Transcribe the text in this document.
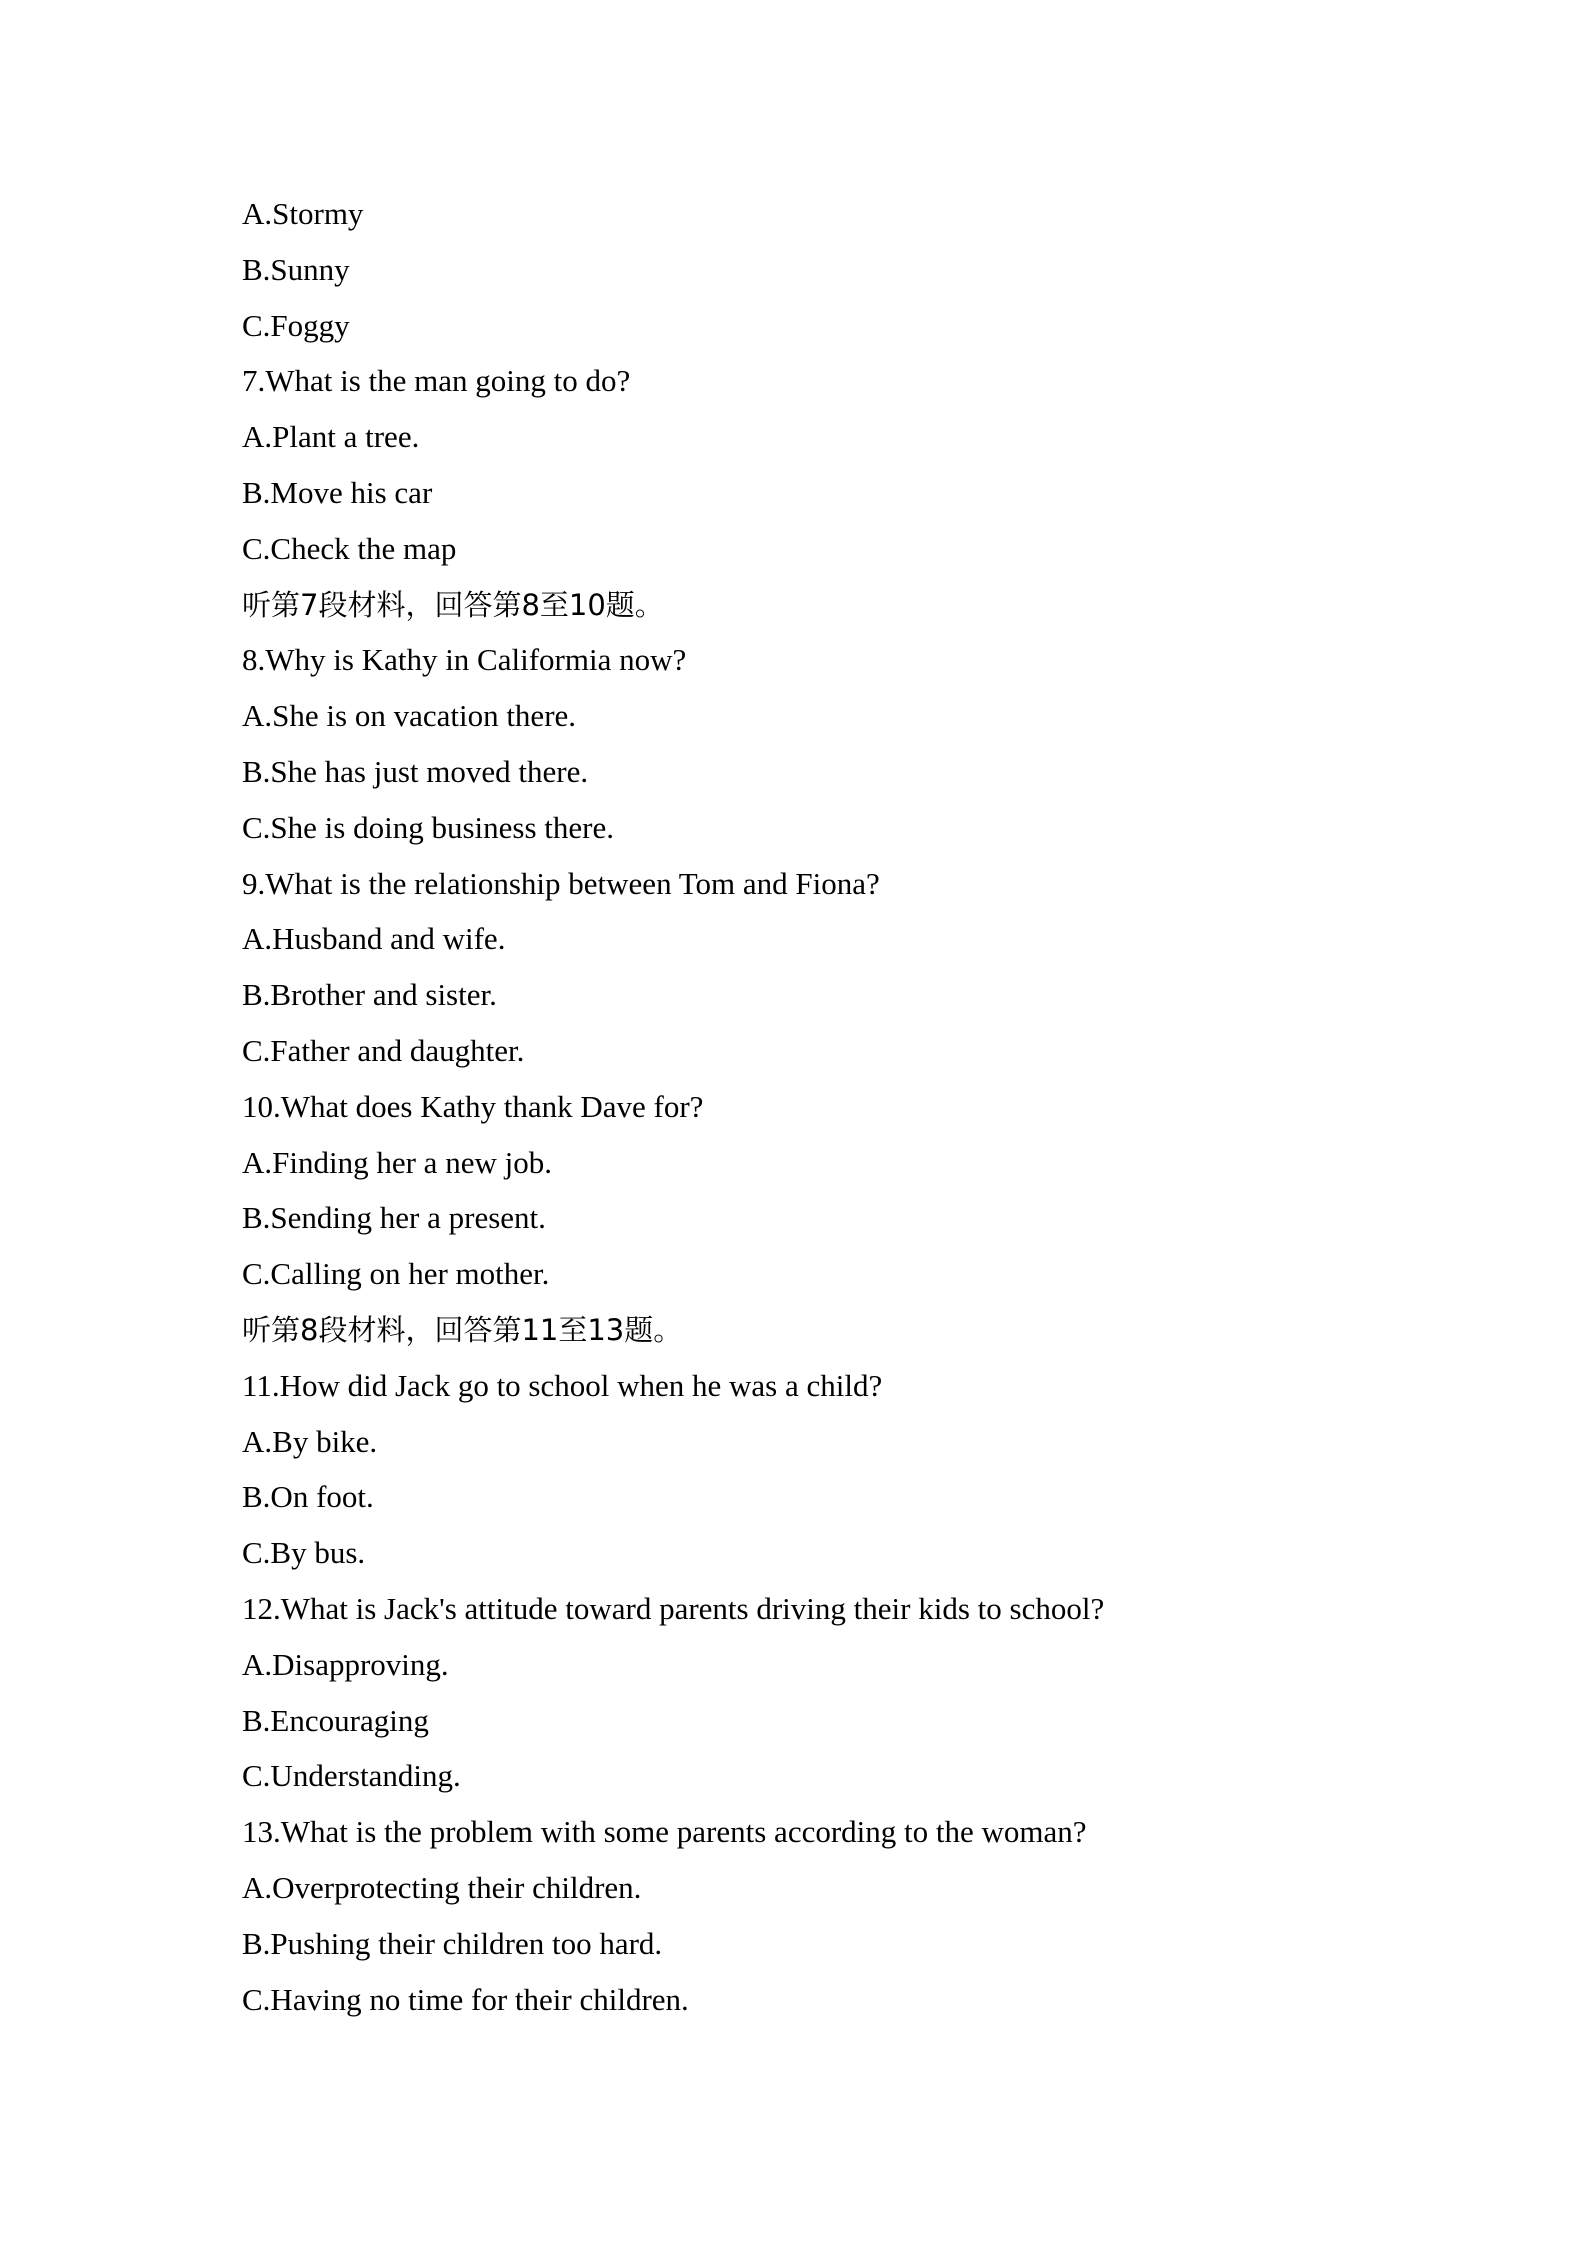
A.Stormy
B.Sunny
C.Foggy
7.What is the man going to do?
A.Plant a tree.
B.Move his car
C.Check the map
听第7段材料，回答第8至10题。
8.Why is Kathy in Califormia now?
A.She is on vacation there.
B.She has just moved there.
C.She is doing business there.
9.What is the relationship between Tom and Fiona?
A.Husband and wife.
B.Brother and sister.
C.Father and daughter.
10.What does Kathy thank Dave for?
A.Finding her a new job.
B.Sending her a present.
C.Calling on her mother.
听第8段材料，回答第11至13题。
11.How did Jack go to school when he was a child?
A.By bike.
B.On foot.
C.By bus.
12.What is Jack's attitude toward parents driving their kids to school?
A.Disapproving.
B.Encouraging
C.Understanding.
13.What is the problem with some parents according to the woman?
A.Overprotecting their children.
B.Pushing their children too hard.
C.Having no time for their children.
